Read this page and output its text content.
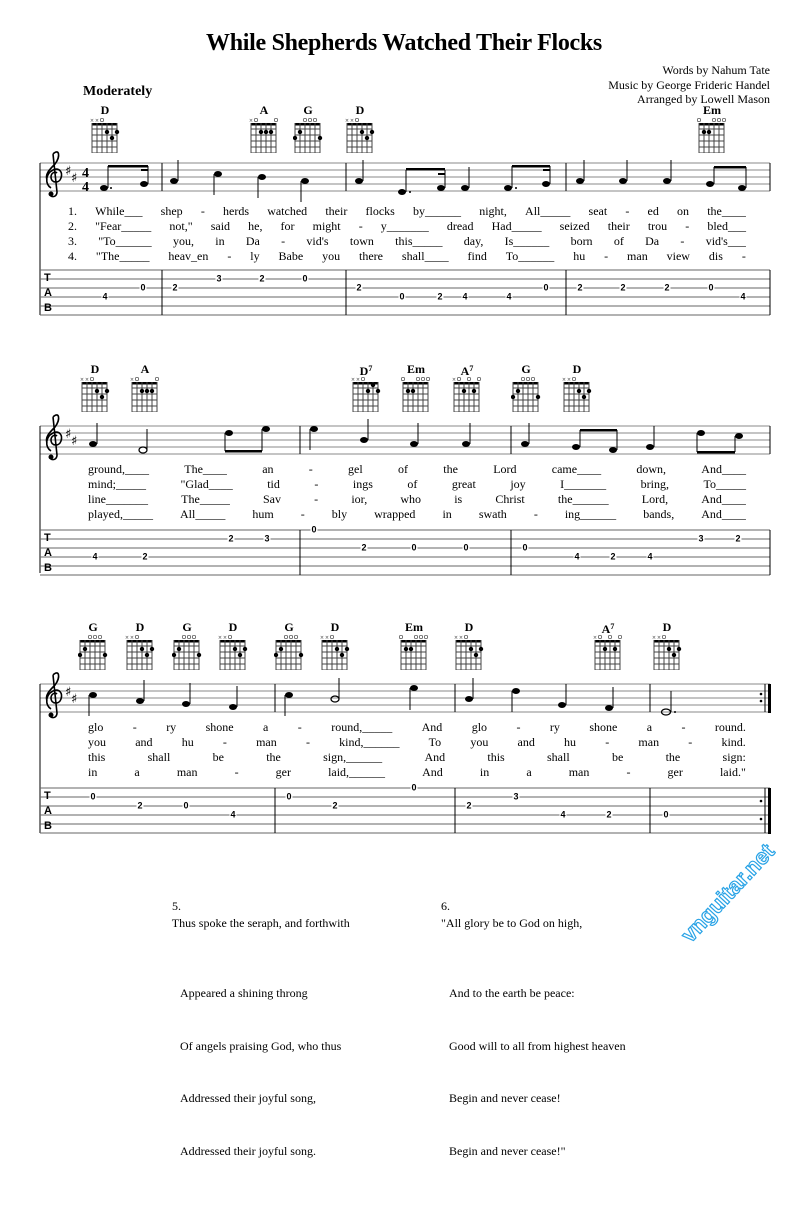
While Shepherds Watched Their Flocks
Words by Nahum Tate
Music by George Frideric Handel
Arranged by Lowell Mason
Moderately
♯ ♯ 4
4
T
A
B
♯ ♯
T
A
B
♯ ♯
T
A
B
D
× ×
A
×
G	D
× ×
Em
D
× ×
A
×
$D^7$
× ×
Em	$A^7$
×
G	D
× ×
G	D
× ×
G	D
× ×
G	D
× ×
Em	D
× ×
$A^7$
×
D
× ×
1. While___ shep - herds watched their flocks by______ night, All_____ seat - ed on the____
2. "Fear_____ not," said he, for might - y_______ dread Had_____ seized their trou - bled___
3. "To______ you, in Da - vid's town this_____ day, Is______ born of Da - vid's___
4. "The_____ heav_en - ly Babe you there shall____ find To______ hu - man view dis -
ground,____	The____	an	-	gel	of	the	Lord	came____	down,	And____
mind;_____	"Glad____	tid	-	ings	of	great	joy	I_______	bring,	To_____
line_______	The_____	Sav	-	ior,	who	is	Christ	the______	Lord,	And____
played,_____ All_____ hum - bly wrapped in swath - ing______ bands, And____
glo - ry shone a - round,_____ And glo - ry shone a - round.
you and hu - man - kind,______ To you and hu - man - kind.
this	shall	be	the	sign,______	And	this	shall	be	the	sign:
in	a	man	-	ger	laid,______	And	in	a	man	-	ger	laid."
4
0	2
3	2	0
2
0	2 4	4
0	2	2	2	0
4
4	2
2	3
0
2	0	0	0
4	2	4
3	2
0
2	0
4
0
2
0
2
3
4	2	0

5.
Thus spoke the seraph, and forthwith

Appeared a shining throng

Of angels praising God, who thus

Addressed their joyful song,

Addressed their joyful song.

6.
"All glory be to God on high,

And to the earth be peace:

Good will to all from highest heaven

Begin and never cease!

Begin and never cease!"

vnguitar.net
